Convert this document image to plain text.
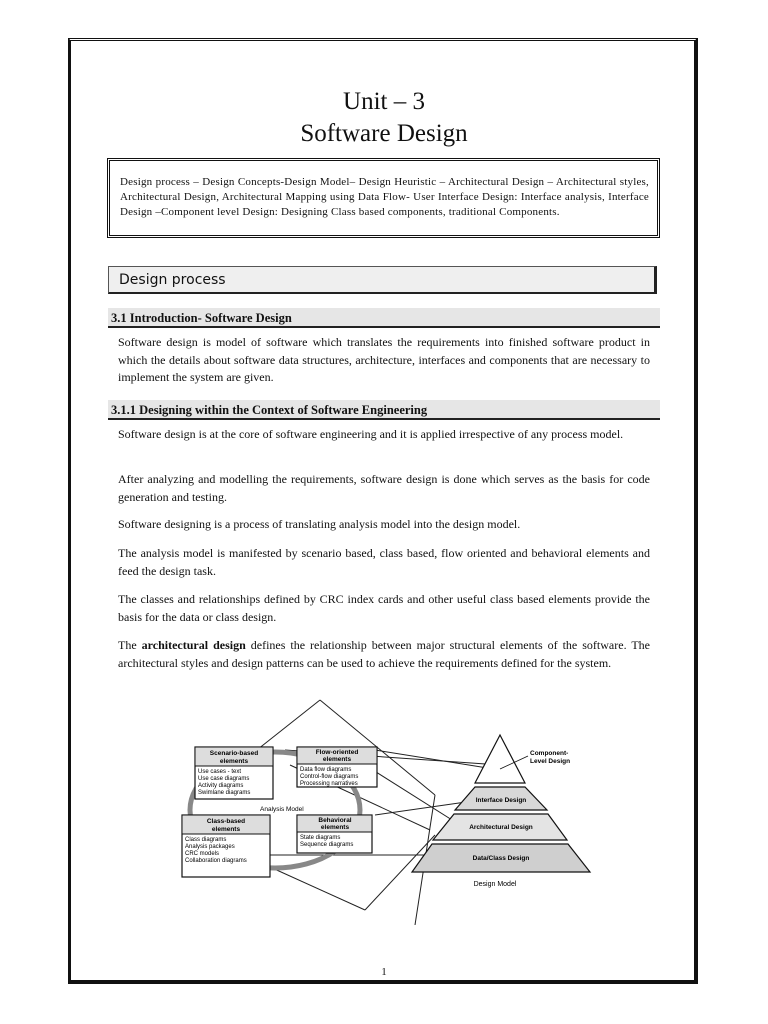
Unit – 3
Software Design
Design process – Design Concepts-Design Model– Design Heuristic – Architectural Design – Architectural styles, Architectural Design, Architectural Mapping using Data Flow- User Interface Design: Interface analysis, Interface Design –Component level Design: Designing Class based components, traditional Components.
Design process
3.1 Introduction- Software Design
Software design is model of software which translates the requirements into finished software product in which the details about software data structures, architecture, interfaces and components that are necessary to implement the system are given.
3.1.1 Designing within the Context of Software Engineering
Software design is at the core of software engineering and it is applied irrespective of any process model.
After analyzing and modelling the requirements, software design is done which serves as the basis for code generation and testing.
Software designing is a process of translating analysis model into the design model.
The analysis model is manifested by scenario based, class based, flow oriented and behavioral elements and feed the design task.
The classes and relationships defined by CRC index cards and other useful class based elements provide the basis for the data or class design.
The architectural design defines the relationship between major structural elements of the software. The architectural styles and design patterns can be used to achieve the requirements defined for the system.
Scenario-based
elements
Use cases - text
Use case diagrams
Activity diagrams
Swimlane diagrams
Flow-oriented
elements
Data flow diagrams
Control-flow diagrams
Processing narratives
Analysis Model
Class-based
elements
Class diagrams
Analysis packages
CRC models
Collaboration diagrams
Behavioral
elements
State diagrams
Sequence diagrams
Interface Design
Architectural Design
Data/Class Design
Component-
Level Design
Design Model
1
